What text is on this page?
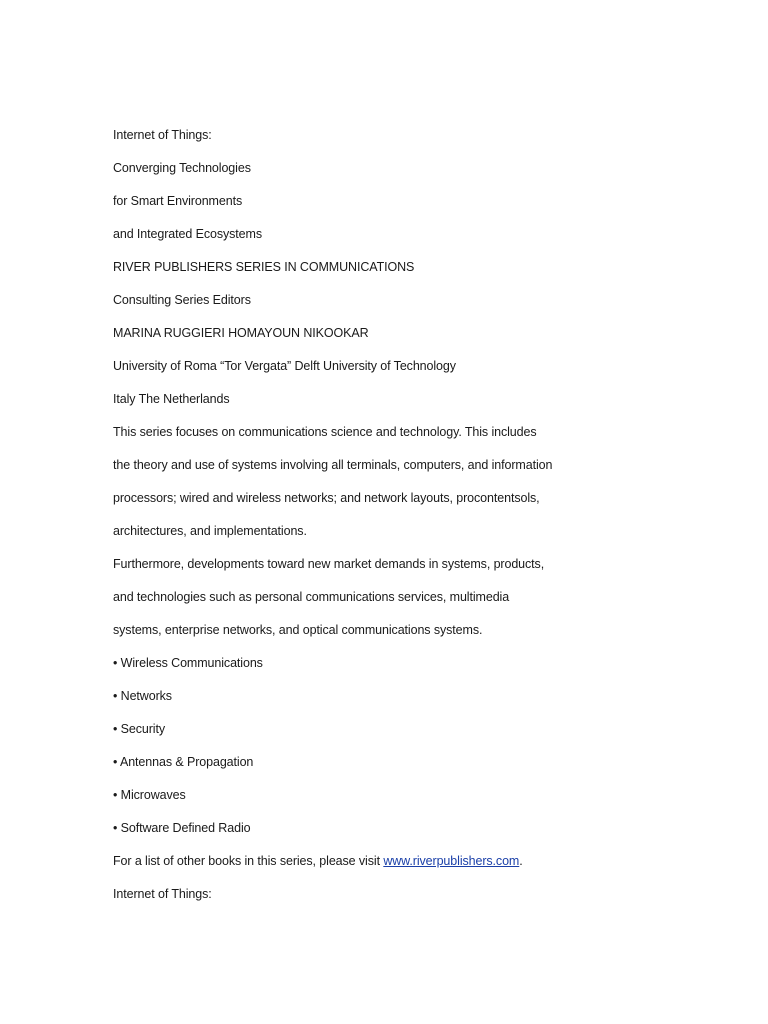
Internet of Things:
Converging Technologies
for Smart Environments
and Integrated Ecosystems
RIVER PUBLISHERS SERIES IN COMMUNICATIONS
Consulting Series Editors
MARINA RUGGIERI HOMAYOUN NIKOOKAR
University of Roma “Tor Vergata” Delft University of Technology
Italy The Netherlands
This series focuses on communications science and technology. This includes
the theory and use of systems involving all terminals, computers, and information
processors; wired and wireless networks; and network layouts, procontentsols,
architectures, and implementations.
Furthermore, developments toward new market demands in systems, products,
and technologies such as personal communications services, multimedia
systems, enterprise networks, and optical communications systems.
• Wireless Communications
• Networks
• Security
• Antennas & Propagation
• Microwaves
• Software Defined Radio
For a list of other books in this series, please visit www.riverpublishers.com.
Internet of Things:
